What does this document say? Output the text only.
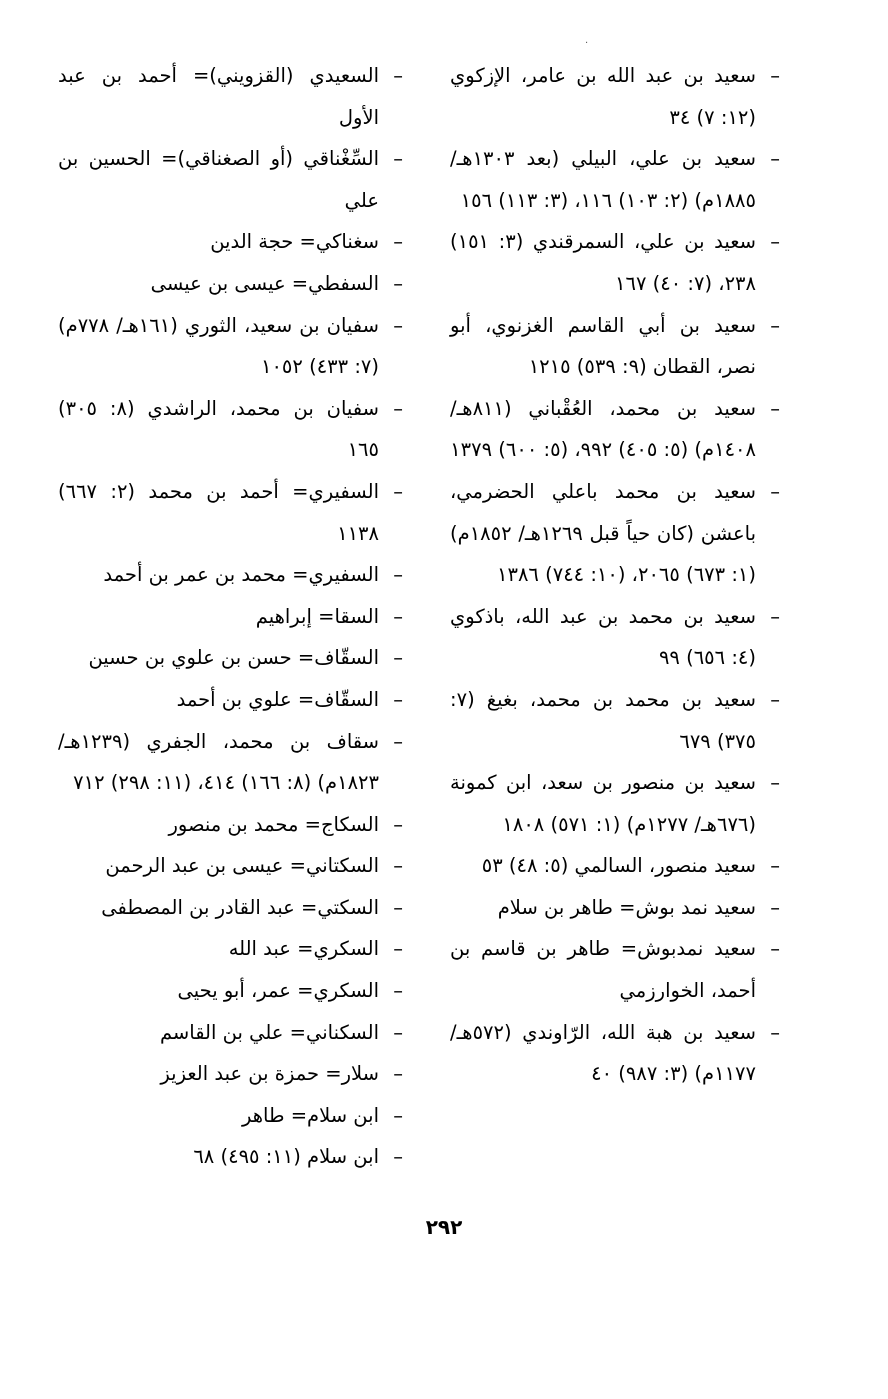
·

–
سعيد بن عبد الله بن عامر، الإزكوي (١٢: ٧) ٣٤

–
سعيد بن علي، البيلي (بعد ١٣٠٣هـ/ ١٨٨٥م) (٢: ١٠٣) ١١٦، (٣: ١١٣) ١٥٦

–
سعيد بن علي، السمرقندي (٣: ١٥١) ٢٣٨، (٧: ٤٠) ١٦٧

–
سعيد بن أبي القاسم الغزنوي، أبو نصر، القطان (٩: ٥٣٩) ١٢١٥

–
سعيد بن محمد، العُقْباني (٨١١هـ/ ١٤٠٨م) (٥: ٤٠٥) ٩٩٢، (٥: ٦٠٠) ١٣٧٩

–
سعيد بن محمد باعلي الحضرمي، باعشن (كان حياً قبل ١٢٦٩هـ/ ١٨٥٢م) (١: ٦٧٣) ٢٠٦٥، (١٠: ٧٤٤) ١٣٨٦

–
سعيد بن محمد بن عبد الله، باذكوي (٤: ٦٥٦) ٩٩

–
سعيد بن محمد بن محمد، بغيغ (٧: ٣٧٥) ٦٧٩

–
سعيد بن منصور بن سعد، ابن كمونة (٦٧٦هـ/ ١٢٧٧م) (١: ٥٧١) ١٨٠٨

–
سعيد منصور، السالمي (٥: ٤٨) ٥٣

–
سعيد نمد بوش= طاهر بن سلام

–
سعيد نمدبوش= طاهر بن قاسم بن أحمد، الخوارزمي

–
سعيد بن هبة الله، الرّاوندي (٥٧٢هـ/ ١١٧٧م) (٣: ٩٨٧) ٤٠

–
السعيدي (القزويني)= أحمد بن عبد الأول

–
السِّغْناقي (أو الصغناقي)= الحسين بن علي

–
سغناكي= حجة الدين

–
السفطي= عيسى بن عيسى

–
سفيان بن سعيد، الثوري (١٦١هـ/ ٧٧٨م) (٧: ٤٣٣) ١٠٥٢

–
سفيان بن محمد، الراشدي (٨: ٣٠٥) ١٦٥

–
السفيري= أحمد بن محمد (٢: ٦٦٧) ١١٣٨

–
السفيري= محمد بن عمر بن أحمد

–
السقا= إبراهيم

–
السقّاف= حسن بن علوي بن حسين

–
السقّاف= علوي بن أحمد

–
سقاف بن محمد، الجفري (١٢٣٩هـ/ ١٨٢٣م) (٨: ١٦٦) ٤١٤، (١١: ٢٩٨) ٧١٢

–
السكاج= محمد بن منصور

–
السكتاني= عيسى بن عبد الرحمن

–
السكتي= عبد القادر بن المصطفى

–
السكري= عبد الله

–
السكري= عمر، أبو يحيى

–
السكناني= علي بن القاسم

–
سلار= حمزة بن عبد العزيز

–
ابن سلام= طاهر

–
ابن سلام (١١: ٤٩٥) ٦٨

٢٩٢
